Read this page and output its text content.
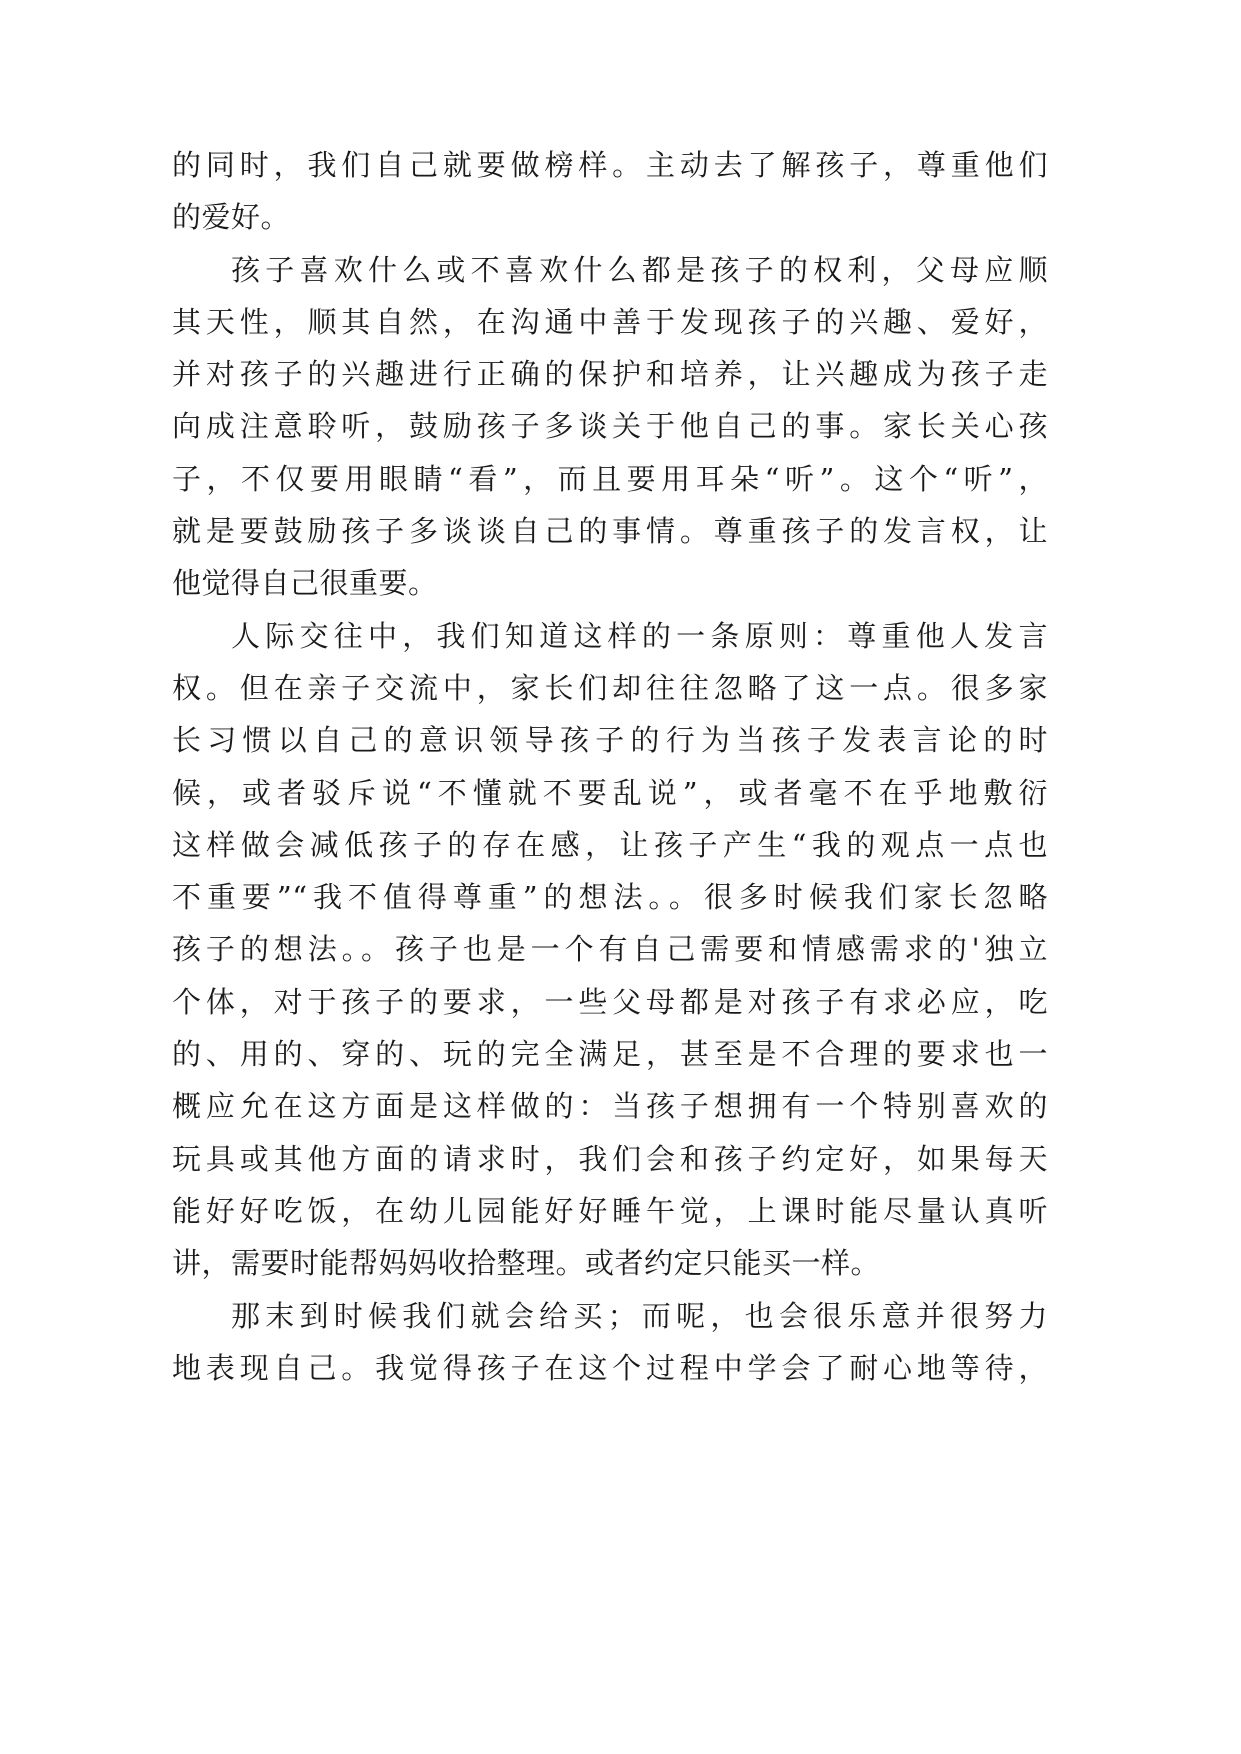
的同时，我们自己就要做榜样。主动去了解孩子，尊重他们
的爱好。
孩子喜欢什么或不喜欢什么都是孩子的权利，父母应顺
其天性，顺其自然，在沟通中善于发现孩子的兴趣、爱好，
并对孩子的兴趣进行正确的保护和培养，让兴趣成为孩子走
向成注意聆听，鼓励孩子多谈关于他自己的事。家长关心孩
子，不仅要用眼睛“看”，而且要用耳朵“听”。这个“听”，
就是要鼓励孩子多谈谈自己的事情。尊重孩子的发言权，让
他觉得自己很重要。
人际交往中，我们知道这样的一条原则：尊重他人发言
权。但在亲子交流中，家长们却往往忽略了这一点。很多家
长习惯以自己的意识领导孩子的行为当孩子发表言论的时
候，或者驳斥说“不懂就不要乱说”，或者毫不在乎地敷衍
这样做会减低孩子的存在感，让孩子产生“我的观点一点也
不重要”“我不值得尊重”的想法。。很多时候我们家长忽略
孩子的想法。。孩子也是一个有自己需要和情感需求的'独立
个体，对于孩子的要求，一些父母都是对孩子有求必应，吃
的、用的、穿的、玩的完全满足，甚至是不合理的要求也一
概应允在这方面是这样做的：当孩子想拥有一个特别喜欢的
玩具或其他方面的请求时，我们会和孩子约定好，如果每天
能好好吃饭，在幼儿园能好好睡午觉，上课时能尽量认真听
讲，需要时能帮妈妈收拾整理。或者约定只能买一样。
那末到时候我们就会给买；而呢，也会很乐意并很努力
地表现自己。我觉得孩子在这个过程中学会了耐心地等待，
